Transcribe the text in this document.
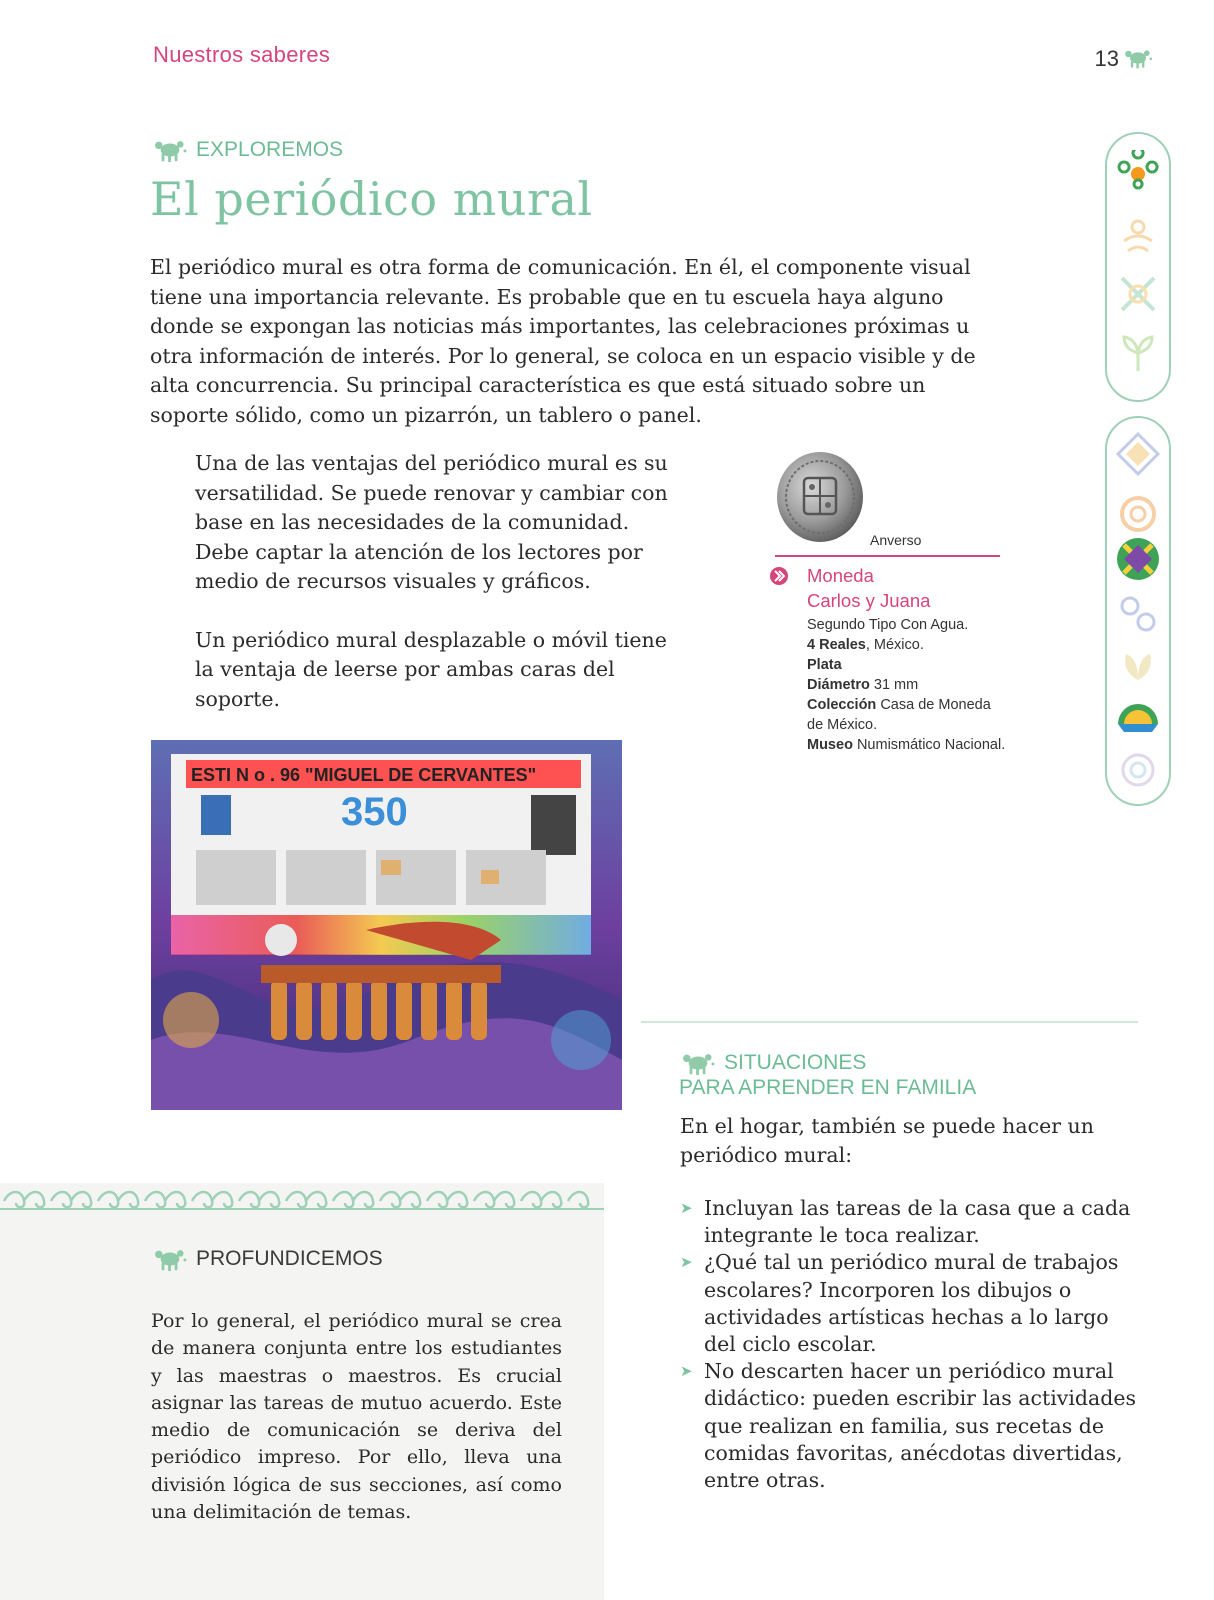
Nuestros saberes	13
EXPLOREMOS
El periódico mural

El periódico mural es otra forma de comunicación. En él, el componente visual tiene una importancia relevante. Es probable que en tu escuela haya alguno donde se expongan las noticias más importantes, las celebraciones próximas u otra información de interés. Por lo general, se coloca en un espacio visible y de alta concurrencia. Su principal característica es que está situado sobre un soporte sólido, como un pizarrón, un tablero o panel.

Una de las ventajas del periódico mural es su versatilidad. Se puede renovar y cambiar con base en las necesidades de la comunidad. Debe captar la atención de los lectores por medio de recursos visuales y gráficos.

Un periódico mural desplazable o móvil tiene la ventaja de leerse por ambas caras del soporte.

Anverso
Moneda
Carlos y Juana
Segundo Tipo Con Agua.
4 Reales, México.
Plata
Diámetro 31 mm
Colección Casa de Moneda de México.
Museo Numismático Nacional.
ESTI N o . 96 "MIGUEL DE CERVANTES"
350
SITUACIONES
PARA APRENDER EN FAMILIA

En el hogar, también se puede hacer un periódico mural:

➤ Incluyan las tareas de la casa que a cada integrante le toca realizar.
➤ ¿Qué tal un periódico mural de trabajos escolares? Incorporen los dibujos o actividades artísticas hechas a lo largo del ciclo escolar.
➤ No descarten hacer un periódico mural didáctico: pueden escribir las actividades que realizan en familia, sus recetas de comidas favoritas, anécdotas divertidas, entre otras.
PROFUNDICEMOS

Por lo general, el periódico mural se crea de manera conjunta entre los estudiantes y las maestras o maestros. Es crucial asignar las tareas de mutuo acuerdo. Este medio de comunicación se deriva del periódico impreso. Por ello, lleva una división lógica de sus secciones, así como una delimitación de temas.
